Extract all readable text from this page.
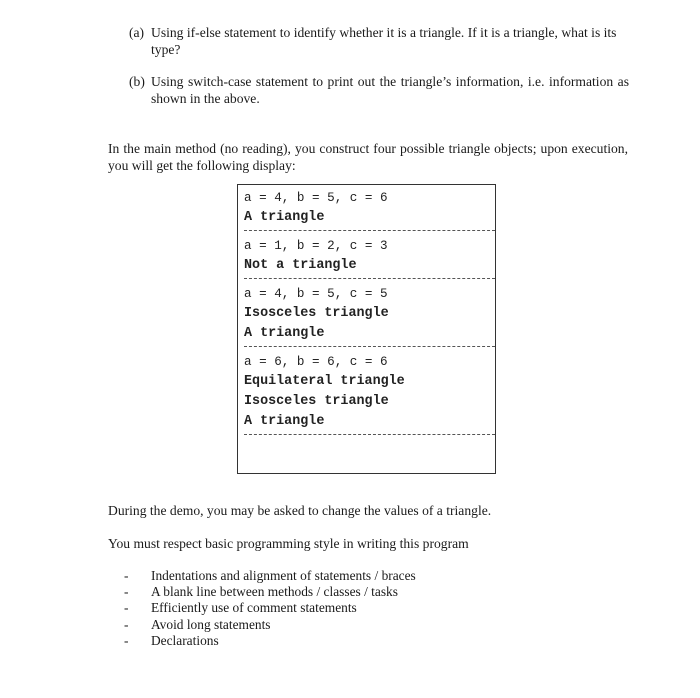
(a) Using if-else statement to identify whether it is a triangle. If it is a triangle, what is its type?
(b) Using switch-case statement to print out the triangle’s information, i.e. information as shown in the above.
In the main method (no reading), you construct four possible triangle objects; upon execution, you will get the following display:
a = 4, b = 5, c = 6
A triangle
a = 1, b = 2, c = 3
Not a triangle
a = 4, b = 5, c = 5
Isosceles triangle
A triangle
a = 6, b = 6, c = 6
Equilateral triangle
Isosceles triangle
A triangle
During the demo, you may be asked to change the values of a triangle.
You must respect basic programming style in writing this program
- Indentations and alignment of statements / braces
- A blank line between methods / classes / tasks
- Efficiently use of comment statements
- Avoid long statements
- Declarations
